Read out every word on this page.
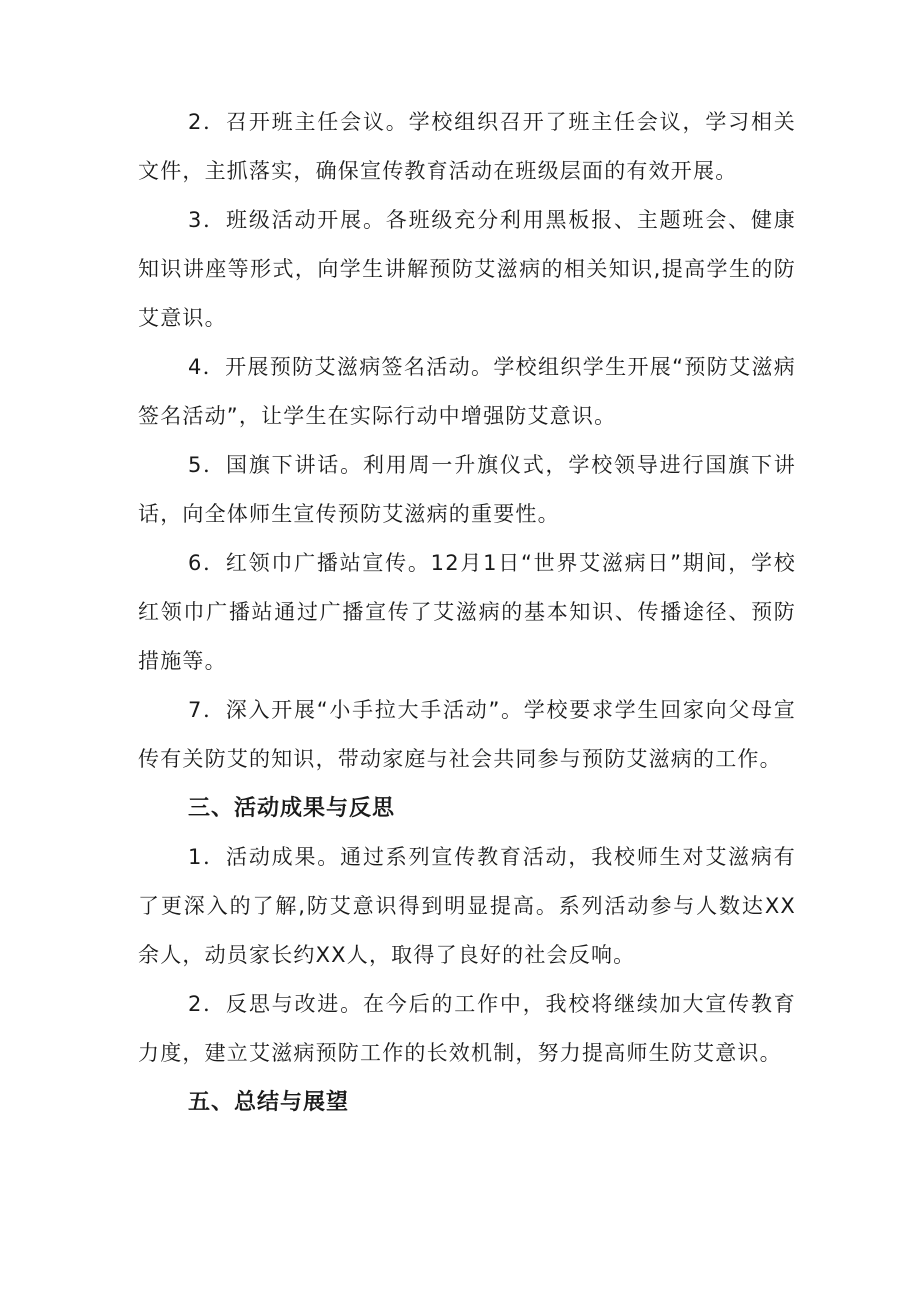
2．召开班主任会议。学校组织召开了班主任会议，学习相关文件，主抓落实，确保宣传教育活动在班级层面的有效开展。

3．班级活动开展。各班级充分利用黑板报、主题班会、健康知识讲座等形式，向学生讲解预防艾滋病的相关知识,提高学生的防艾意识。

4．开展预防艾滋病签名活动。学校组织学生开展“预防艾滋病签名活动”，让学生在实际行动中增强防艾意识。

5．国旗下讲话。利用周一升旗仪式，学校领导进行国旗下讲话，向全体师生宣传预防艾滋病的重要性。

6．红领巾广播站宣传。12月1日“世界艾滋病日”期间，学校红领巾广播站通过广播宣传了艾滋病的基本知识、传播途径、预防措施等。

7．深入开展“小手拉大手活动”。学校要求学生回家向父母宣传有关防艾的知识，带动家庭与社会共同参与预防艾滋病的工作。

三、活动成果与反思

1．活动成果。通过系列宣传教育活动，我校师生对艾滋病有了更深入的了解,防艾意识得到明显提高。系列活动参与人数达XX余人，动员家长约XX人，取得了良好的社会反响。

2．反思与改进。在今后的工作中，我校将继续加大宣传教育力度，建立艾滋病预防工作的长效机制，努力提高师生防艾意识。

五、总结与展望
